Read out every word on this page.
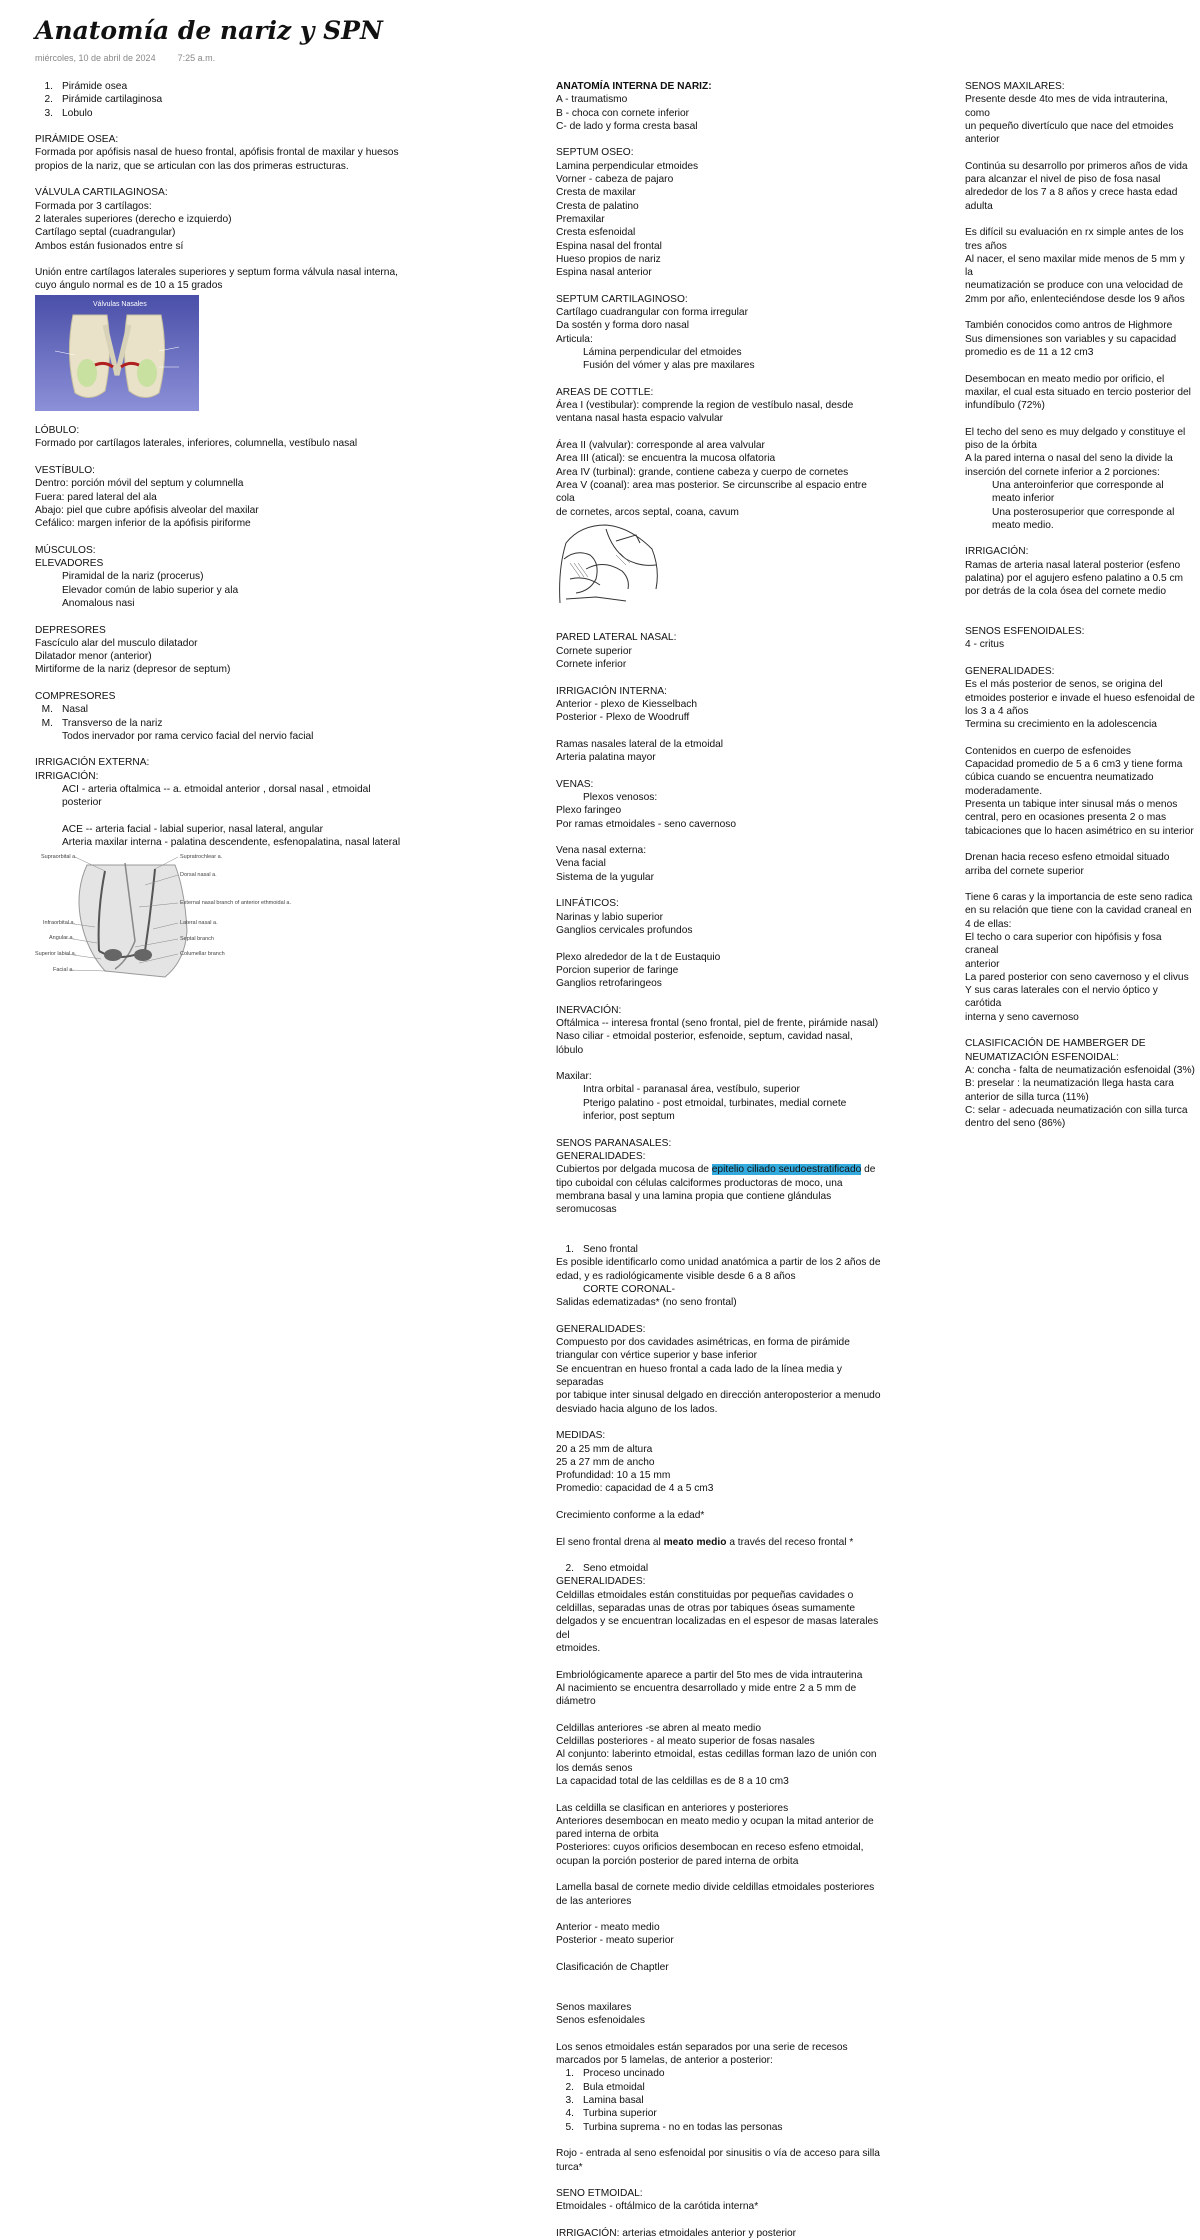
Anatomía de nariz y SPN
miércoles, 10 de abril de 2024 7:25 a.m.
1. Pirámide osea
2. Pirámide cartilaginosa
3. Lobulo
PIRÁMIDE OSEA:
Formada por apófisis nasal de hueso frontal, apófisis frontal de maxilar y huesos
propios de la nariz, que se articulan con las dos primeras estructuras.
VÁLVULA CARTILAGINOSA:
Formada por 3 cartílagos:
2 laterales superiores (derecho e izquierdo)
Cartílago septal (cuadrangular)
Ambos están fusionados entre sí
Unión entre cartílagos laterales superiores y septum forma válvula nasal interna,
cuyo ángulo normal es de 10 a 15 grados
Válvulas Nasales
LÓBULO:
Formado por cartílagos laterales, inferiores, columnella, vestíbulo nasal
VESTÍBULO:
Dentro: porción móvil del septum y columnella
Fuera: pared lateral del ala
Abajo: piel que cubre apófisis alveolar del maxilar
Cefálico: margen inferior de la apófisis piriforme
MÚSCULOS:
ELEVADORES
Piramidal de la nariz (procerus)
Elevador común de labio superior y ala
Anomalous nasi
DEPRESORES
Fascículo alar del musculo dilatador
Dilatador menor (anterior)
Mirtiforme de la nariz (depresor de septum)
COMPRESORES
M. Nasal
M. Transverso de la nariz
Todos inervador por rama cervico facial del nervio facial
IRRIGACIÓN EXTERNA:
IRRIGACIÓN:
ACI - arteria oftalmica -- a. etmoidal anterior , dorsal nasal , etmoidal
posterior
ACE -- arteria facial - labial superior, nasal lateral, angular
Arteria maxilar interna - palatina descendente, esfenopalatina, nasal lateral
Supraorbital a.	Supratrochlear a.
Dorsal nasal a.
External nasal branch of anterior ethmoidal a.
Infraorbital a.	Lateral nasal a.
Angular a.	Septal branch
Superior labial a.	Columellar branch
Facial a.
ANATOMÍA INTERNA DE NARIZ:
A - traumatismo
B - choca con cornete inferior
C- de lado y forma cresta basal
SEPTUM OSEO:
Lamina perpendicular etmoides
Vorner - cabeza de pajaro
Cresta de maxilar
Cresta de palatino
Premaxilar
Cresta esfenoidal
Espina nasal del frontal
Hueso propios de nariz
Espina nasal anterior
SEPTUM CARTILAGINOSO:
Cartílago cuadrangular con forma irregular
Da sostén y forma doro nasal
Articula:
Lámina perpendicular del etmoides
Fusión del vómer y alas pre maxilares
AREAS DE COTTLE:
Área I (vestibular): comprende la region de vestíbulo nasal, desde
ventana nasal hasta espacio valvular
Área II (valvular): corresponde al area valvular
Area III (atical): se encuentra la mucosa olfatoria
Area IV (turbinal): grande, contiene cabeza y cuerpo de cornetes
Area V (coanal): area mas posterior. Se circunscribe al espacio entre cola
de cornetes, arcos septal, coana, cavum
PARED LATERAL NASAL:
Cornete superior
Cornete inferior
IRRIGACIÓN INTERNA:
Anterior - plexo de Kiesselbach
Posterior - Plexo de Woodruff
Ramas nasales lateral de la etmoidal
Arteria palatina mayor
VENAS:
Plexos venosos:
Plexo faringeo
Por ramas etmoidales - seno cavernoso
Vena nasal externa:
Vena facial
Sistema de la yugular
LINFÁTICOS:
Narinas y labio superior
Ganglios cervicales profundos
Plexo alrededor de la t de Eustaquio
Porcion superior de faringe
Ganglios retrofaringeos
INERVACIÓN:
Oftálmica -- interesa frontal (seno frontal, piel de frente, pirámide nasal)
Naso ciliar - etmoidal posterior, esfenoide, septum, cavidad nasal, lóbulo
Maxilar:
Intra orbital - paranasal área, vestíbulo, superior
Pterigo palatino - post etmoidal, turbinates, medial cornete
inferior, post septum
SENOS PARANASALES:
GENERALIDADES:
Cubiertos por delgada mucosa de epitelio ciliado seudoestratificado de
tipo cuboidal con células calciformes productoras de moco, una
membrana basal y una lamina propia que contiene glándulas
seromucosas
1. Seno frontal
Es posible identificarlo como unidad anatómica a partir de los 2 años de
edad, y es radiológicamente visible desde 6 a 8 años
CORTE CORONAL-
Salidas edematizadas* (no seno frontal)
GENERALIDADES:
Compuesto por dos cavidades asimétricas, en forma de pirámide
triangular con vértice superior y base inferior
Se encuentran en hueso frontal a cada lado de la línea media y separadas
por tabique inter sinusal delgado en dirección anteroposterior a menudo
desviado hacia alguno de los lados.
MEDIDAS:
20 a 25 mm de altura
25 a 27 mm de ancho
Profundidad: 10 a 15 mm
Promedio: capacidad de 4 a 5 cm3
Crecimiento conforme a la edad*
El seno frontal drena al meato medio a través del receso frontal *
2. Seno etmoidal
GENERALIDADES:
Celdillas etmoidales están constituidas por pequeñas cavidades o
celdillas, separadas unas de otras por tabiques óseas sumamente
delgados y se encuentran localizadas en el espesor de masas laterales del
etmoides.
Embriológicamente aparece a partir del 5to mes de vida intrauterina
Al nacimiento se encuentra desarrollado y mide entre 2 a 5 mm de
diámetro
Celdillas anteriores -se abren al meato medio
Celdillas posteriores - al meato superior de fosas nasales
Al conjunto: laberinto etmoidal, estas cedillas forman lazo de unión con
los demás senos
La capacidad total de las celdillas es de 8 a 10 cm3
Las celdilla se clasifican en anteriores y posteriores
Anteriores desembocan en meato medio y ocupan la mitad anterior de
pared interna de orbita
Posteriores: cuyos orificios desembocan en receso esfeno etmoidal,
ocupan la porción posterior de pared interna de orbita
Lamella basal de cornete medio divide celdillas etmoidales posteriores
de las anteriores
Anterior - meato medio
Posterior - meato superior
Clasificación de Chaptler
Senos maxilares
Senos esfenoidales
Los senos etmoidales están separados por una serie de recesos
marcados por 5 lamelas, de anterior a posterior:
1. Proceso uncinado
2. Bula etmoidal
3. Lamina basal
4. Turbina superior
5. Turbina suprema - no en todas las personas
Rojo - entrada al seno esfenoidal por sinusitis o vía de acceso para silla
turca*
SENO ETMOIDAL:
Etmoidales - oftálmico de la carótida interna*
IRRIGACIÓN: arterias etmoidales anterior y posterior
SENOS MAXILARES:
Presente desde 4to mes de vida intrauterina, como
un pequeño divertículo que nace del etmoides
anterior
Continúa su desarrollo por primeros años de vida
para alcanzar el nivel de piso de fosa nasal
alrededor de los 7 a 8 años y crece hasta edad
adulta
Es difícil su evaluación en rx simple antes de los
tres años
Al nacer, el seno maxilar mide menos de 5 mm y la
neumatización se produce con una velocidad de
2mm por año, enlenteciéndose desde los 9 años
También conocidos como antros de Highmore
Sus dimensiones son variables y su capacidad
promedio es de 11 a 12 cm3
Desembocan en meato medio por orificio, el
maxilar, el cual esta situado en tercio posterior del
infundíbulo (72%)
El techo del seno es muy delgado y constituye el
piso de la órbita
A la pared interna o nasal del seno la divide la
inserción del cornete inferior a 2 porciones:
Una anteroinferior que corresponde al
meato inferior
Una posterosuperior que corresponde al
meato medio.
IRRIGACIÓN:
Ramas de arteria nasal lateral posterior (esfeno
palatina) por el agujero esfeno palatino a 0.5 cm
por detrás de la cola ósea del cornete medio
SENOS ESFENOIDALES:
4 - critus
GENERALIDADES:
Es el más posterior de senos, se origina del
etmoides posterior e invade el hueso esfenoidal de
los 3 a 4 años
Termina su crecimiento en la adolescencia
Contenidos en cuerpo de esfenoides
Capacidad promedio de 5 a 6 cm3 y tiene forma
cúbica cuando se encuentra neumatizado
moderadamente.
Presenta un tabique inter sinusal más o menos
central, pero en ocasiones presenta 2 o mas
tabicaciones que lo hacen asimétrico en su interior
Drenan hacia receso esfeno etmoidal situado
arriba del cornete superior
Tiene 6 caras y la importancia de este seno radica
en su relación que tiene con la cavidad craneal en
4 de ellas:
El techo o cara superior con hipófisis y fosa craneal
anterior
La pared posterior con seno cavernoso y el clivus
Y sus caras laterales con el nervio óptico y carótida
interna y seno cavernoso
CLASIFICACIÓN DE HAMBERGER DE
NEUMATIZACIÓN ESFENOIDAL:
A: concha - falta de neumatización esfenoidal (3%)
B: preselar : la neumatización llega hasta cara
anterior de silla turca (11%)
C: selar - adecuada neumatización con silla turca
dentro del seno (86%)
